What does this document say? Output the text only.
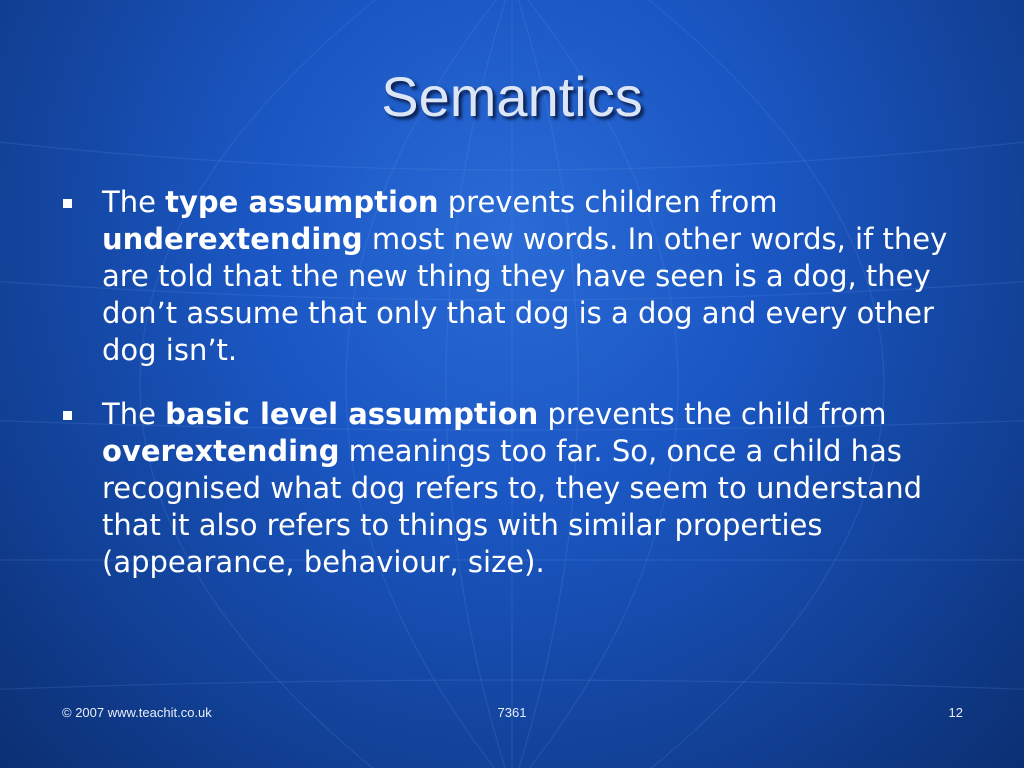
Semantics
The type assumption prevents children from underextending most new words. In other words, if they are told that the new thing they have seen is a dog, they don’t assume that only that dog is a dog and every other dog isn’t.
The basic level assumption prevents the child from overextending meanings too far. So, once a child has recognised what dog refers to, they seem to understand that it also refers to things with similar properties (appearance, behaviour, size).
© 2007 www.teachit.co.uk	7361	12
